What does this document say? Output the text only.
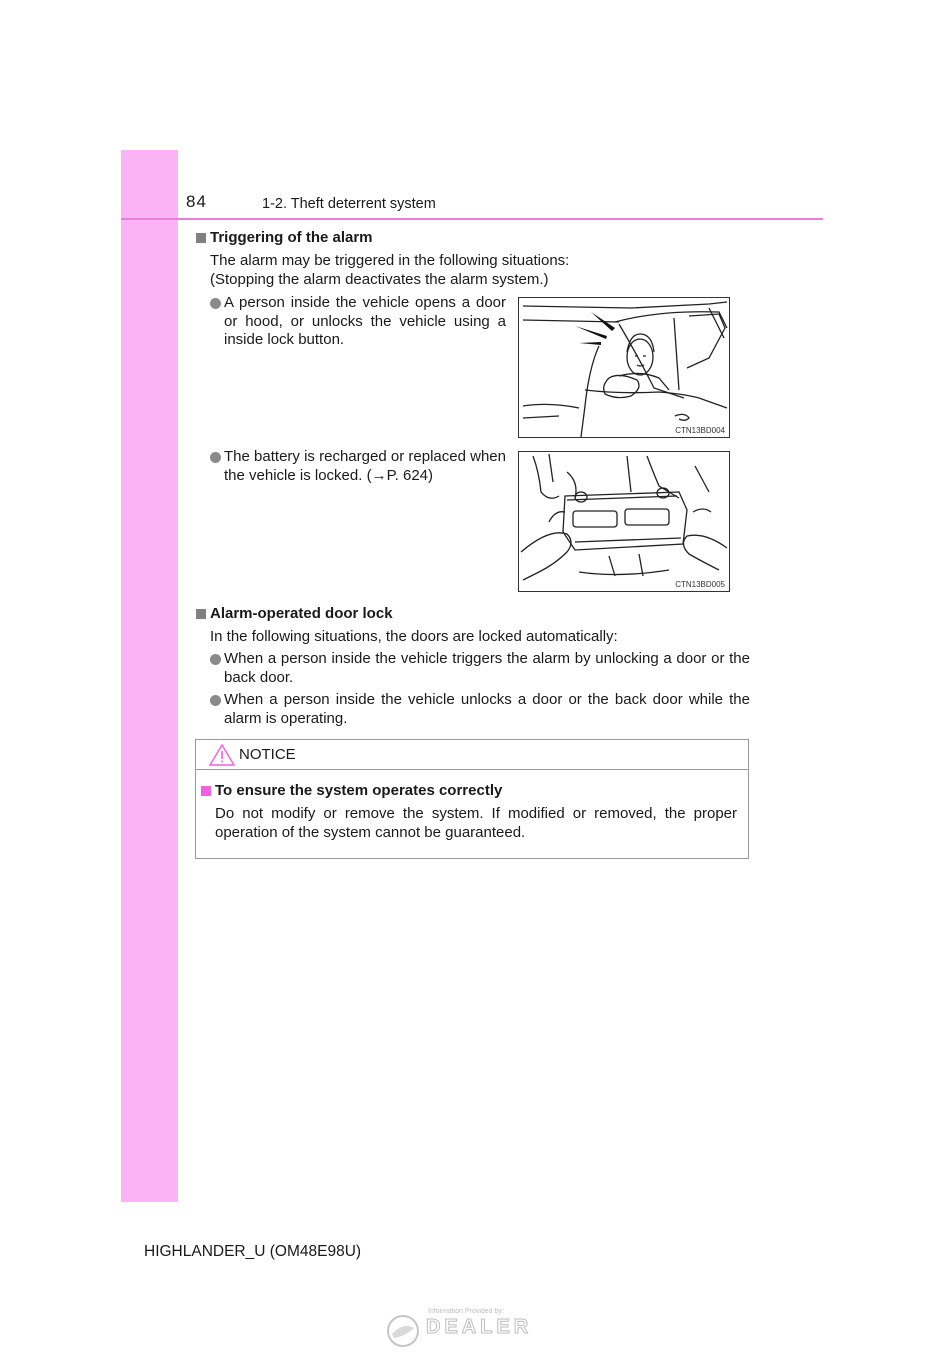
84	1-2. Theft deterrent system
Triggering of the alarm
The alarm may be triggered in the following situations:
(Stopping the alarm deactivates the alarm system.)
A person inside the vehicle opens a door or hood, or unlocks the vehicle using a inside lock button.
CTN13BD004
The battery is recharged or replaced when the vehicle is locked. (→P. 624)
CTN13BD005
Alarm-operated door lock
In the following situations, the doors are locked automatically:
When a person inside the vehicle triggers the alarm by unlocking a door or the back door.
When a person inside the vehicle unlocks a door or the back door while the alarm is operating.
NOTICE
To ensure the system operates correctly
Do not modify or remove the system. If modified or removed, the proper operation of the system cannot be guaranteed.
HIGHLANDER_U (OM48E98U)
Information Provided by:
DEALER
